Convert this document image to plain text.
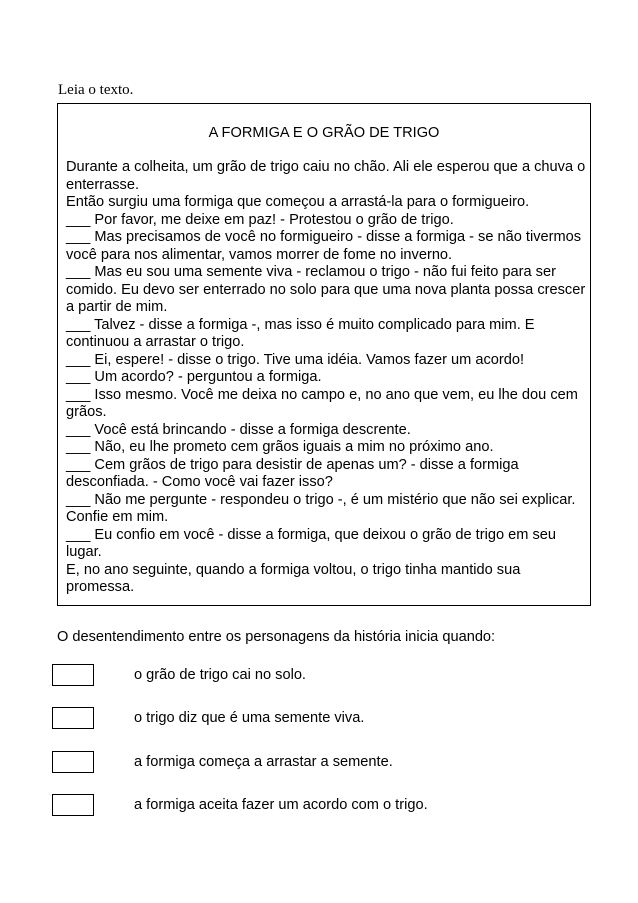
Leia o texto.
A FORMIGA E O GRÃO DE TRIGO

Durante a colheita, um grão de trigo caiu no chão. Ali ele esperou que a chuva o enterrasse.

Então surgiu uma formiga que começou a arrastá-la para o formigueiro.

___ Por favor, me deixe em paz! - Protestou o grão de trigo.

___ Mas precisamos de você no formigueiro - disse a formiga - se não tivermos você para nos alimentar, vamos morrer de fome no inverno.

___ Mas eu sou uma semente viva - reclamou o trigo - não fui feito para ser comido. Eu devo ser enterrado no solo para que uma nova planta possa crescer a partir de mim.

___ Talvez - disse a formiga -, mas isso é muito complicado para mim. E continuou a arrastar o trigo.

___ Ei, espere! - disse o trigo. Tive uma idéia. Vamos fazer um acordo!

___ Um acordo? - perguntou a formiga.

___ Isso mesmo. Você me deixa no campo e, no ano que vem, eu lhe dou cem grãos.

___ Você está brincando - disse a formiga descrente.

___ Não, eu lhe prometo cem grãos iguais a mim no próximo ano.

___ Cem grãos de trigo para desistir de apenas um? - disse a formiga desconfiada. - Como você vai fazer isso?

___ Não me pergunte - respondeu o trigo -, é um mistério que não sei explicar. Confie em mim.

___ Eu confio em você - disse a formiga, que deixou o grão de trigo em seu lugar.

E, no ano seguinte, quando a formiga voltou, o trigo tinha mantido sua promessa.

O desentendimento entre os personagens da história inicia quando:
o grão de trigo cai no solo.
o trigo diz que é uma semente viva.
a formiga começa a arrastar a semente.
a formiga aceita fazer um acordo com o trigo.
